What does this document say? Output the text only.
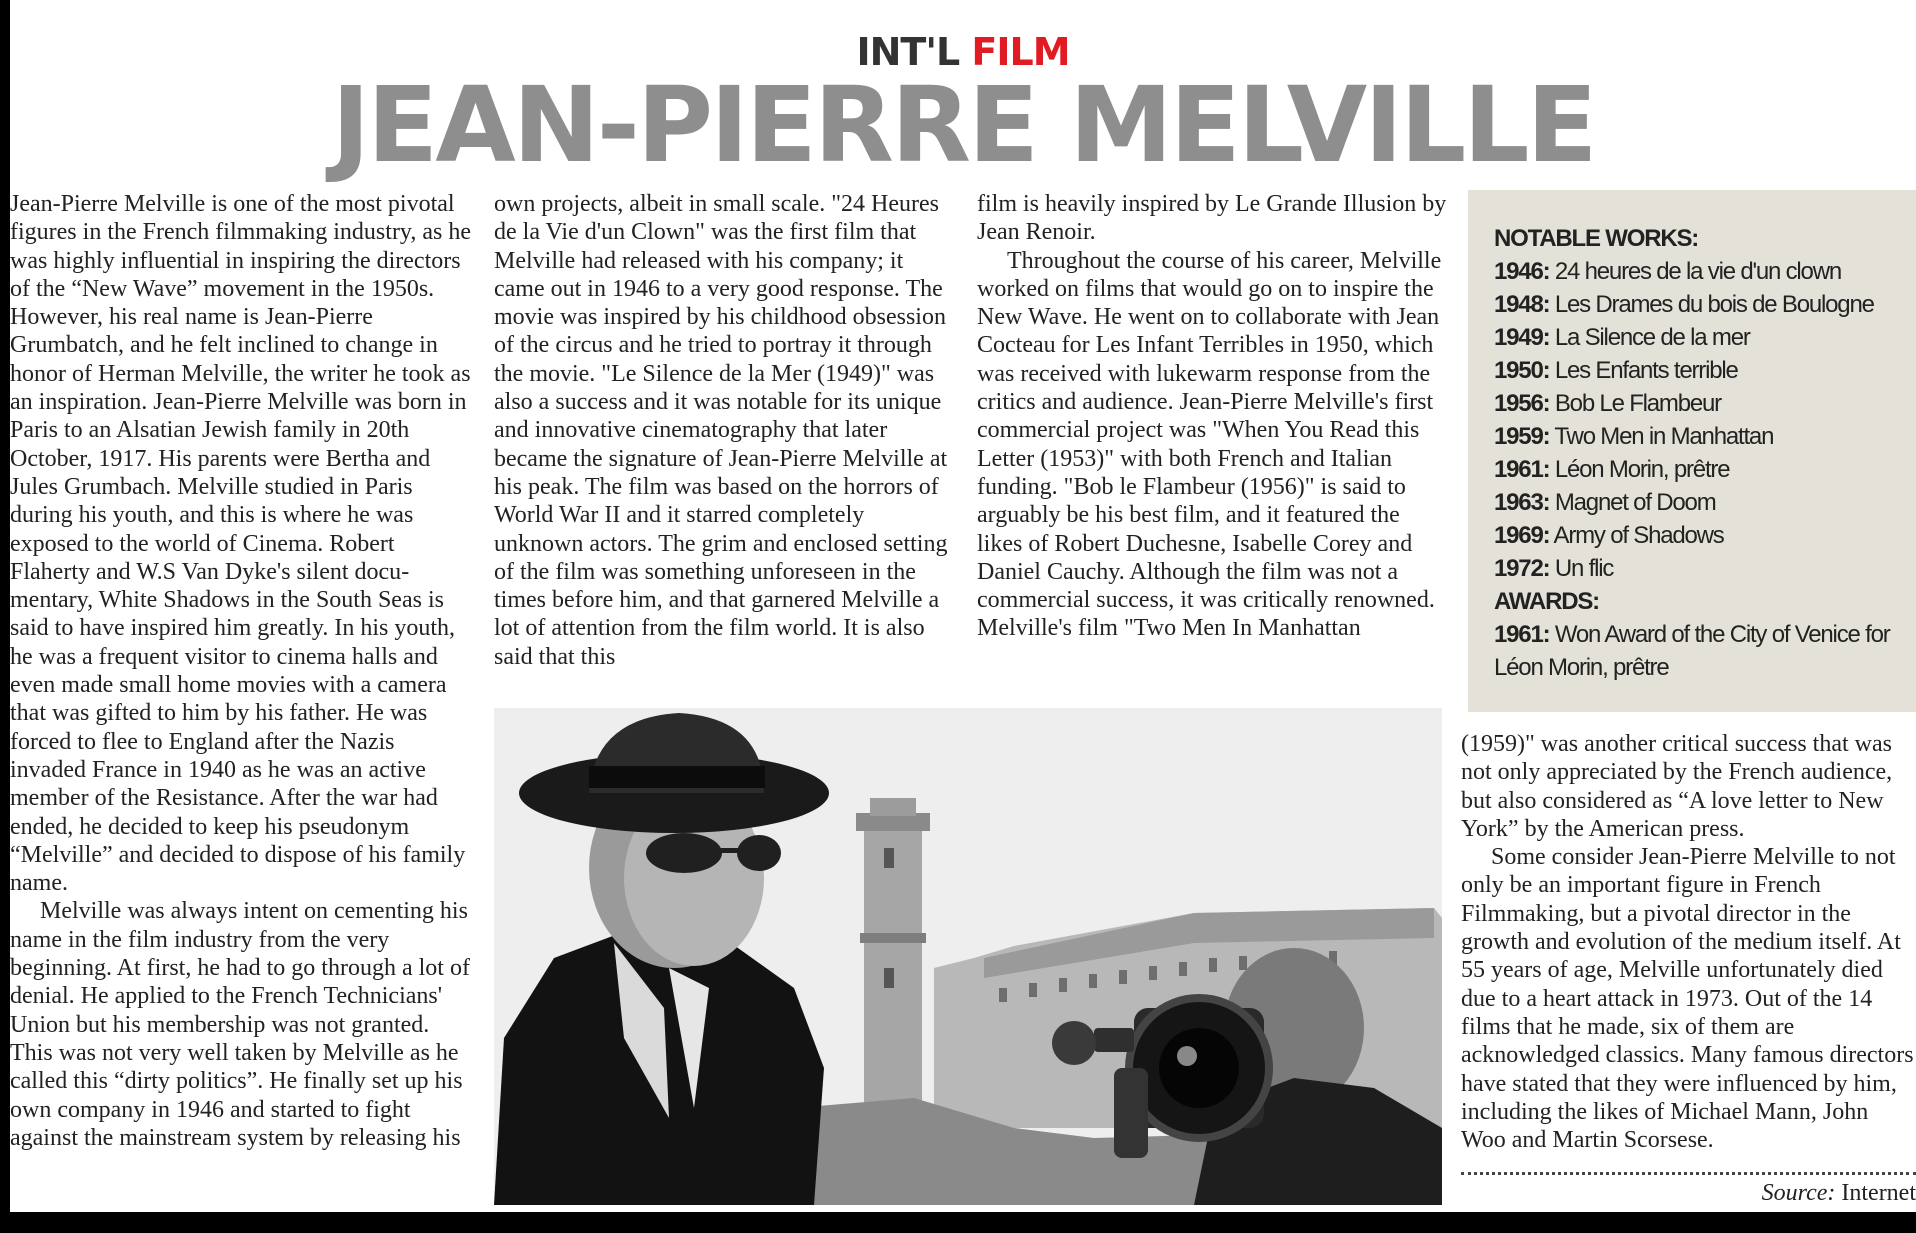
INT'L FILM
JEAN-PIERRE MELVILLE

Jean-Pierre Melville is one of the most pivotal figures in the French filmmaking industry, as he was highly influential in inspiring the directors of the “New Wave” movement in the 1950s. However, his real name is Jean-Pierre Grumbatch, and he felt inclined to change in honor of Herman Melville, the writer he took as an inspiration. Jean-Pierre Melville was born in Paris to an Alsatian Jewish family in 20th October, 1917. His parents were Bertha and Jules Grumbach. Melville studied in Paris during his youth, and this is where he was exposed to the world of Cinema. Robert Flaherty and W.S Van Dyke's silent documentary, White Shadows in the South Seas is said to have inspired him greatly. In his youth, he was a frequent visitor to cinema halls and even made small home movies with a camera that was gifted to him by his father. He was forced to flee to England after the Nazis invaded France in 1940 as he was an active member of the Resistance. After the war had ended, he decided to keep his pseudonym “Melville” and decided to dispose of his family name.

Melville was always intent on cementing his name in the film industry from the very beginning. At first, he had to go through a lot of denial. He applied to the French Technicians' Union but his membership was not granted. This was not very well taken by Melville as he called this “dirty politics”. He finally set up his own company in 1946 and started to fight against the mainstream system by releasing his

own projects, albeit in small scale. "24 Heures de la Vie d'un Clown" was the first film that Melville had released with his company; it came out in 1946 to a very good response. The movie was inspired by his childhood obsession of the circus and he tried to portray it through the movie. "Le Silence de la Mer (1949)" was also a success and it was notable for its unique and innovative cinematography that later became the signature of Jean-Pierre Melville at his peak. The film was based on the horrors of World War II and it starred completely unknown actors. The grim and enclosed setting of the film was something unforeseen in the times before him, and that garnered Melville a lot of attention from the film world. It is also said that this

film is heavily inspired by Le Grande Illusion by Jean Renoir.

Throughout the course of his career, Melville worked on films that would go on to inspire the New Wave. He went on to collaborate with Jean Cocteau for Les Infant Terribles in 1950, which was received with lukewarm response from the critics and audience. Jean-Pierre Melville's first commercial project was "When You Read this Letter (1953)" with both French and Italian funding. "Bob le Flambeur (1956)" is said to arguably be his best film, and it featured the likes of Robert Duchesne, Isabelle Corey and Daniel Cauchy. Although the film was not a commercial success, it was critically renowned. Melville's film "Two Men In Manhattan

NOTABLE WORKS:
1946: 24 heures de la vie d'un clown
1948: Les Drames du bois de Boulogne
1949: La Silence de la mer
1950: Les Enfants terrible
1956: Bob Le Flambeur
1959: Two Men in Manhattan
1961: Léon Morin, prêtre
1963: Magnet of Doom
1969: Army of Shadows
1972: Un flic
AWARDS:
1961: Won Award of the City of Venice for Léon Morin, prêtre

(1959)" was another critical success that was not only appreciated by the French audience, but also considered as “A love letter to New York” by the American press.

Some consider Jean-Pierre Melville to not only be an important figure in French Filmmaking, but a pivotal director in the growth and evolution of the medium itself. At 55 years of age, Melville unfortunately died due to a heart attack in 1973. Out of the 14 films that he made, six of them are acknowledged classics. Many famous directors have stated that they were influenced by him, including the likes of Michael Mann, John Woo and Martin Scorsese.

Source: Internet
